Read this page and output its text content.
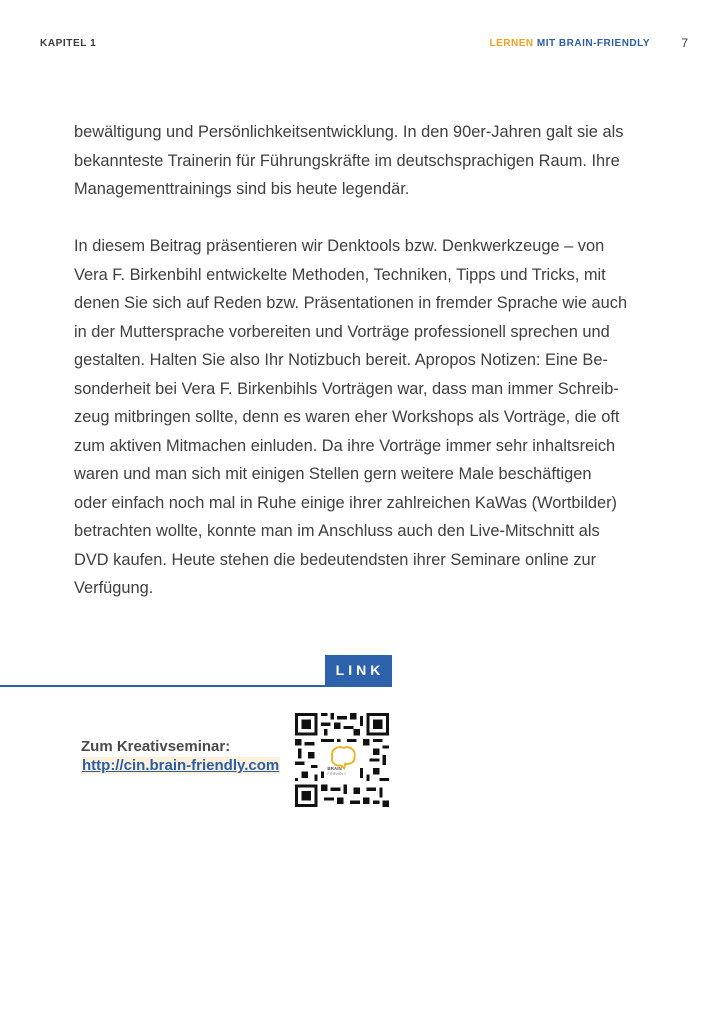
KAPITEL 1	LERNEN MIT BRAIN-FRIENDLY	7

bewältigung und Persönlichkeitsentwicklung. In den 90er-Jahren galt sie als
bekannteste Trainerin für Führungskräfte im deutschsprachigen Raum. Ihre
Managementtrainings sind bis heute legendär.

In diesem Beitrag präsentieren wir Denktools bzw. Denkwerkzeuge – von
Vera F. Birkenbihl entwickelte Methoden, Techniken, Tipps und Tricks, mit
denen Sie sich auf Reden bzw. Präsentationen in fremder Sprache wie auch
in der Muttersprache vorbereiten und Vorträge professionell sprechen und
gestalten. Halten Sie also Ihr Notizbuch bereit. Apropos Notizen: Eine Be-
sonderheit bei Vera F. Birkenbihls Vorträgen war, dass man immer Schreib-
zeug mitbringen sollte, denn es waren eher Workshops als Vorträge, die oft
zum aktiven Mitmachen einluden. Da ihre Vorträge immer sehr inhaltsreich
waren und man sich mit einigen Stellen gern weitere Male beschäftigen
oder einfach noch mal in Ruhe einige ihrer zahlreichen KaWas (Wortbilder)
betrachten wollte, konnte man im Anschluss auch den Live-Mitschnitt als
DVD kaufen. Heute stehen die bedeutendsten ihrer Seminare online zur
Verfügung.

LINK
Zum Kreativseminar:
http://cin.brain-friendly.com	BRAIN
FRIENDLY
